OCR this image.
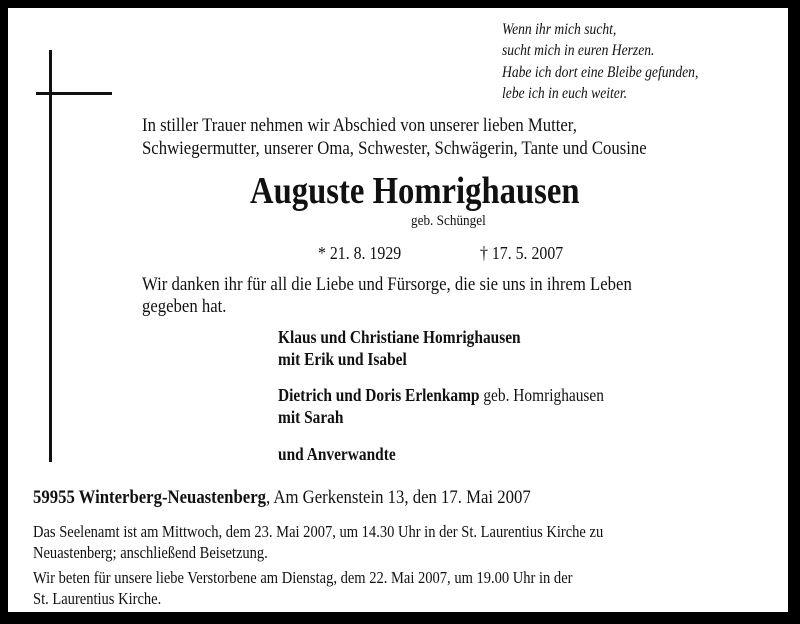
Wenn ihr mich sucht,
sucht mich in euren Herzen.
Habe ich dort eine Bleibe gefunden,
lebe ich in euch weiter.
In stiller Trauer nehmen wir Abschied von unserer lieben Mutter,
Schwiegermutter, unserer Oma, Schwester, Schwägerin, Tante und Cousine
Auguste Homrighausen
geb. Schüngel
* 21. 8. 1929	† 17. 5. 2007
Wir danken ihr für all die Liebe und Fürsorge, die sie uns in ihrem Leben
gegeben hat.
Klaus und Christiane Homrighausen
mit Erik und Isabel
Dietrich und Doris Erlenkamp geb. Homrighausen
mit Sarah
und Anverwandte
59955 Winterberg-Neuastenberg, Am Gerkenstein 13, den 17. Mai 2007
Das Seelenamt ist am Mittwoch, dem 23. Mai 2007, um 14.30 Uhr in der St. Laurentius Kirche zu
Neuastenberg; anschließend Beisetzung.
Wir beten für unsere liebe Verstorbene am Dienstag, dem 22. Mai 2007, um 19.00 Uhr in der
St. Laurentius Kirche.
